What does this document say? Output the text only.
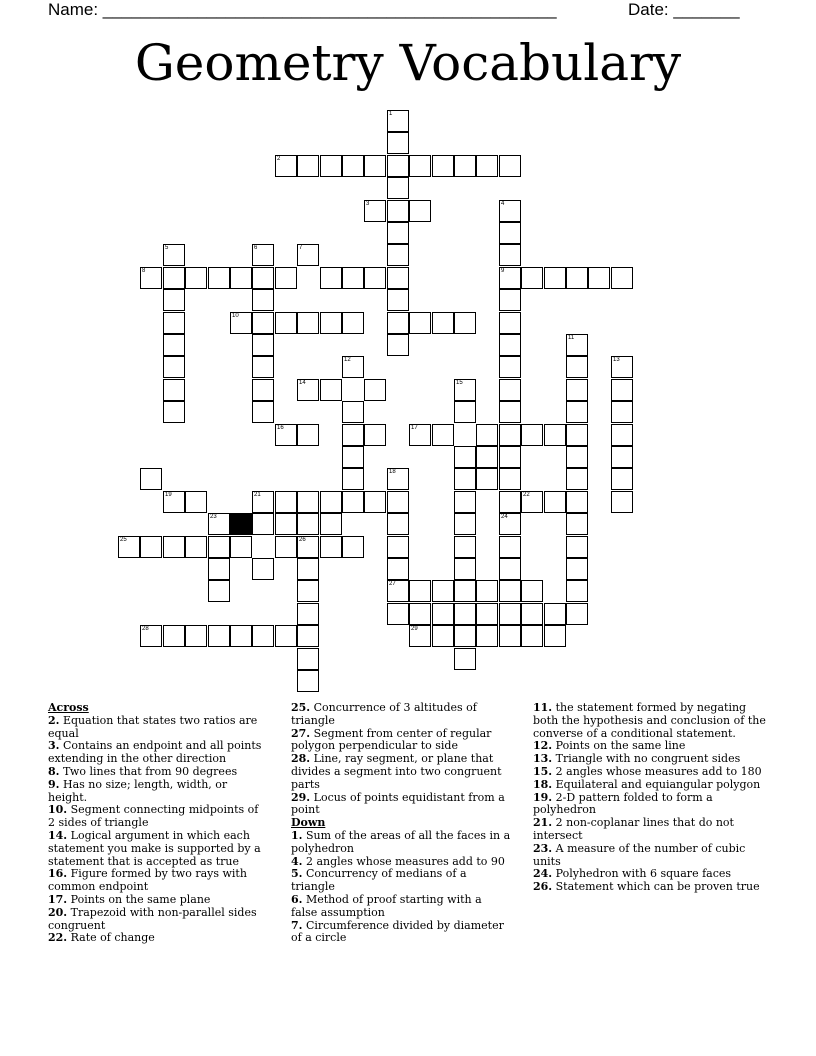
Name: ________________________________________________	Date: _______
Geometry Vocabulary
1
2
3	4
9
5	6	7
8
10
11
12	13
14	15
16	17
18
19	21	22
23	24
25	26
27
28	29
Across
2. Equation that states two ratios are equal
3. Contains an endpoint and all points extending in the other direction
8. Two lines that from 90 degrees
9. Has no size; length, width, or height.
10. Segment connecting midpoints of 2 sides of triangle
14. Logical argument in which each statement you make is supported by a statement that is accepted as true
16. Figure formed by two rays with common endpoint
17. Points on the same plane
20. Trapezoid with non-parallel sides congruent
22. Rate of change
25. Concurrence of 3 altitudes of triangle
27. Segment from center of regular polygon perpendicular to side
28. Line, ray segment, or plane that divides a segment into two congruent parts
29. Locus of points equidistant from a point
Down
1. Sum of the areas of all the faces in a polyhedron
4. 2 angles whose measures add to 90
5. Concurrency of medians of a triangle
6. Method of proof starting with a false assumption
7. Circumference divided by diameter of a circle
11. the statement formed by negating both the hypothesis and conclusion of the converse of a conditional statement.
12. Points on the same line
13. Triangle with no congruent sides
15. 2 angles whose measures add to 180
18. Equilateral and equiangular polygon
19. 2-D pattern folded to form a polyhedron
21. 2 non-coplanar lines that do not intersect
23. A measure of the number of cubic units
24. Polyhedron with 6 square faces
26. Statement which can be proven true
